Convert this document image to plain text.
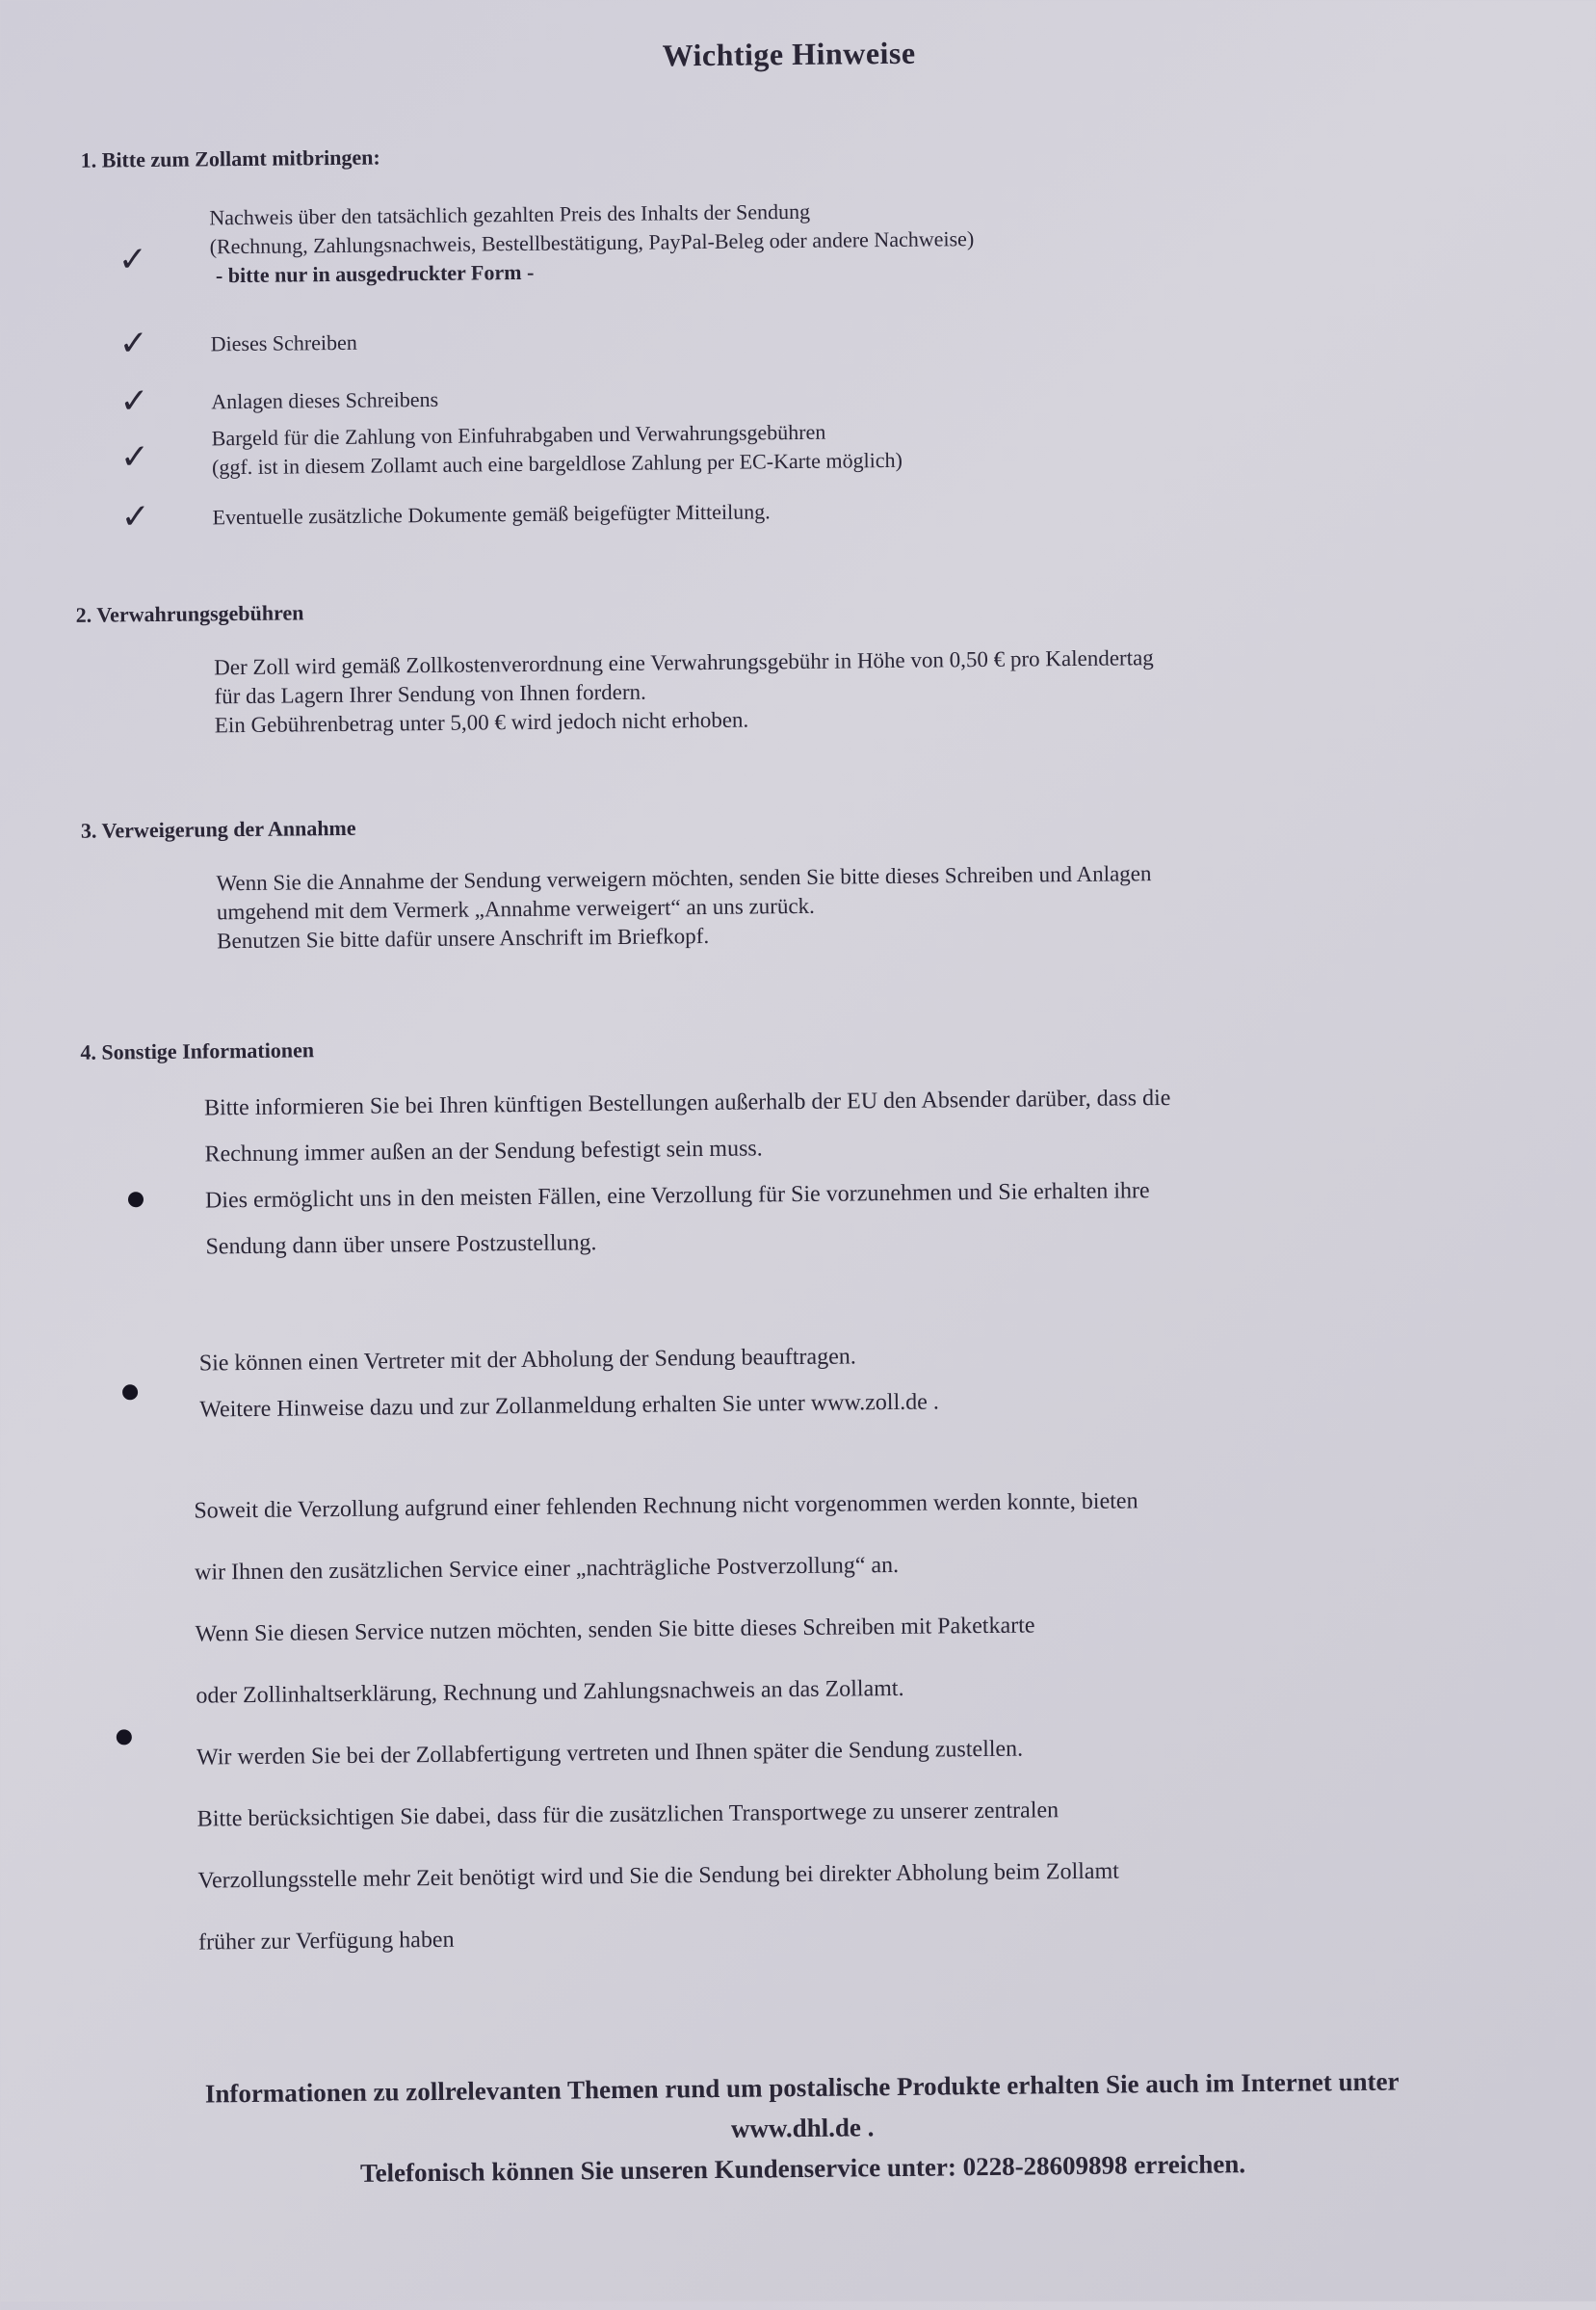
Wichtige Hinweise
1. Bitte zum Zollamt mitbringen:
✓
Nachweis über den tatsächlich gezahlten Preis des Inhalts der Sendung
(Rechnung, Zahlungsnachweis, Bestellbestätigung, PayPal-Beleg oder andere Nachweise)
- bitte nur in ausgedruckter Form -
✓	Dieses Schreiben
✓	Anlagen dieses Schreibens
✓
Bargeld für die Zahlung von Einfuhrabgaben und Verwahrungsgebühren
(ggf. ist in diesem Zollamt auch eine bargeldlose Zahlung per EC-Karte möglich)
✓	Eventuelle zusätzliche Dokumente gemäß beigefügter Mitteilung.
2. Verwahrungsgebühren
Der Zoll wird gemäß Zollkostenverordnung eine Verwahrungsgebühr in Höhe von 0,50 € pro Kalendertag
für das Lagern Ihrer Sendung von Ihnen fordern.
Ein Gebührenbetrag unter 5,00 € wird jedoch nicht erhoben.
3. Verweigerung der Annahme
Wenn Sie die Annahme der Sendung verweigern möchten, senden Sie bitte dieses Schreiben und Anlagen
umgehend mit dem Vermerk „Annahme verweigert“ an uns zurück.
Benutzen Sie bitte dafür unsere Anschrift im Briefkopf.
4. Sonstige Informationen
Bitte informieren Sie bei Ihren künftigen Bestellungen außerhalb der EU den Absender darüber, dass die
Rechnung immer außen an der Sendung befestigt sein muss.
Dies ermöglicht uns in den meisten Fällen, eine Verzollung für Sie vorzunehmen und Sie erhalten ihre
Sendung dann über unsere Postzustellung.
Sie können einen Vertreter mit der Abholung der Sendung beauftragen.
Weitere Hinweise dazu und zur Zollanmeldung erhalten Sie unter www.zoll.de .
Soweit die Verzollung aufgrund einer fehlenden Rechnung nicht vorgenommen werden konnte, bieten
wir Ihnen den zusätzlichen Service einer „nachträgliche Postverzollung“ an.
Wenn Sie diesen Service nutzen möchten, senden Sie bitte dieses Schreiben mit Paketkarte
oder Zollinhaltserklärung, Rechnung und Zahlungsnachweis an das Zollamt.
Wir werden Sie bei der Zollabfertigung vertreten und Ihnen später die Sendung zustellen.
Bitte berücksichtigen Sie dabei, dass für die zusätzlichen Transportwege zu unserer zentralen
Verzollungsstelle mehr Zeit benötigt wird und Sie die Sendung bei direkter Abholung beim Zollamt
früher zur Verfügung haben
Informationen zu zollrelevanten Themen rund um postalische Produkte erhalten Sie auch im Internet unter
www.dhl.de .
Telefonisch können Sie unseren Kundenservice unter: 0228-28609898 erreichen.
